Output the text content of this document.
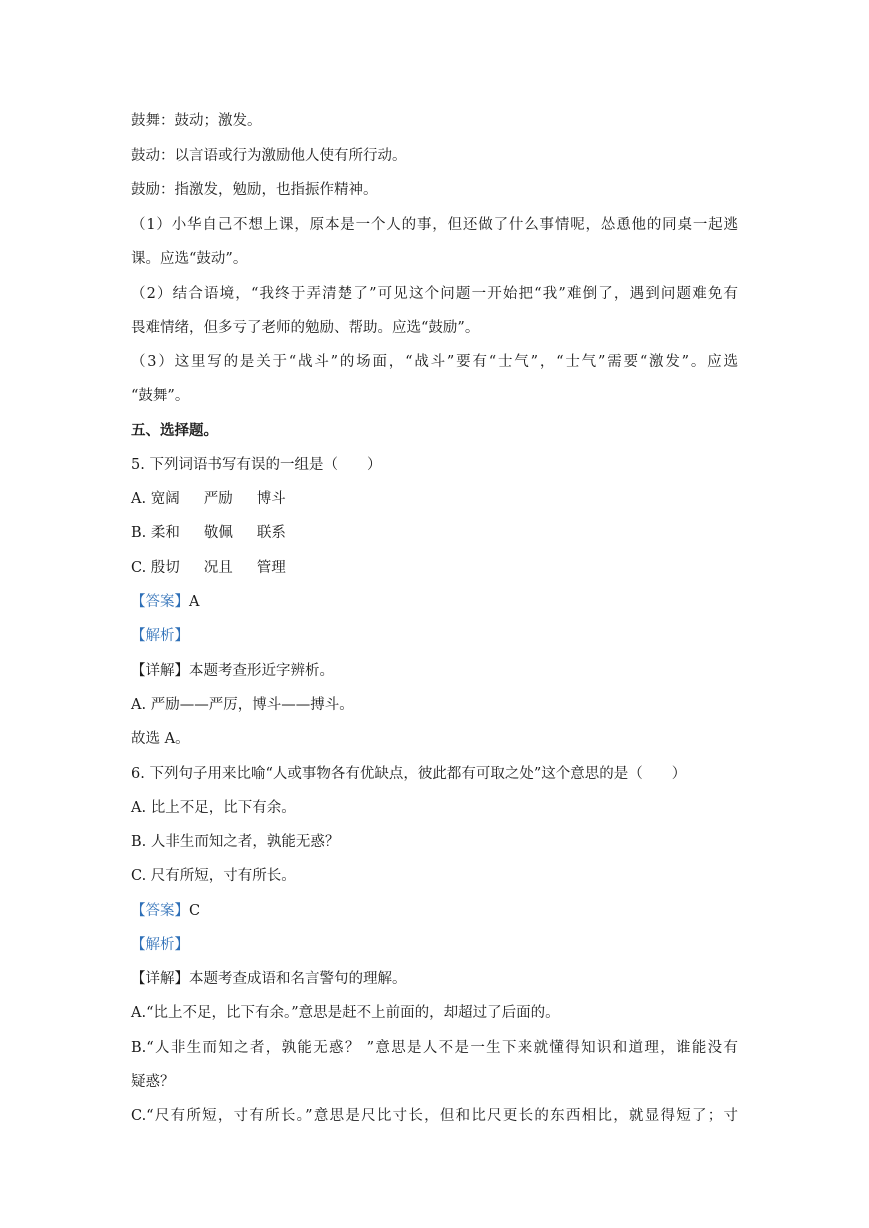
鼓舞：鼓动；激发。
鼓动：以言语或行为激励他人使有所行动。
鼓励：指激发，勉励，也指振作精神。
（1）小华自己不想上课，原本是一个人的事，但还做了什么事情呢，怂恿他的同桌一起逃
课。应选“鼓动”。
（2）结合语境，“我终于弄清楚了”可见这个问题一开始把“我”难倒了，遇到问题难免有
畏难情绪，但多亏了老师的勉励、帮助。应选“鼓励”。
（3）这里写的是关于“战斗”的场面，“战斗”要有“士气”，“士气”需要“激发”。应选
“鼓舞”。
五、选择题。
5. 下列词语书写有误的一组是（　　）
A. 宽阔 严励 博斗
B. 柔和 敬佩 联系
C. 殷切 况且 管理
【答案】A
【解析】
【详解】本题考查形近字辨析。
A. 严励——严厉，博斗——搏斗。
故选 A。
6. 下列句子用来比喻“人或事物各有优缺点，彼此都有可取之处”这个意思的是（　　）
A. 比上不足，比下有余。
B. 人非生而知之者，孰能无惑？
C. 尺有所短，寸有所长。
【答案】C
【解析】
【详解】本题考查成语和名言警句的理解。
A.“比上不足，比下有余。”意思是赶不上前面的，却超过了后面的。
B.“人非生而知之者，孰能无惑？ ”意思是人不是一生下来就懂得知识和道理，谁能没有
疑惑？
C.“尺有所短，寸有所长。”意思是尺比寸长，但和比尺更长的东西相比，就显得短了；寸
